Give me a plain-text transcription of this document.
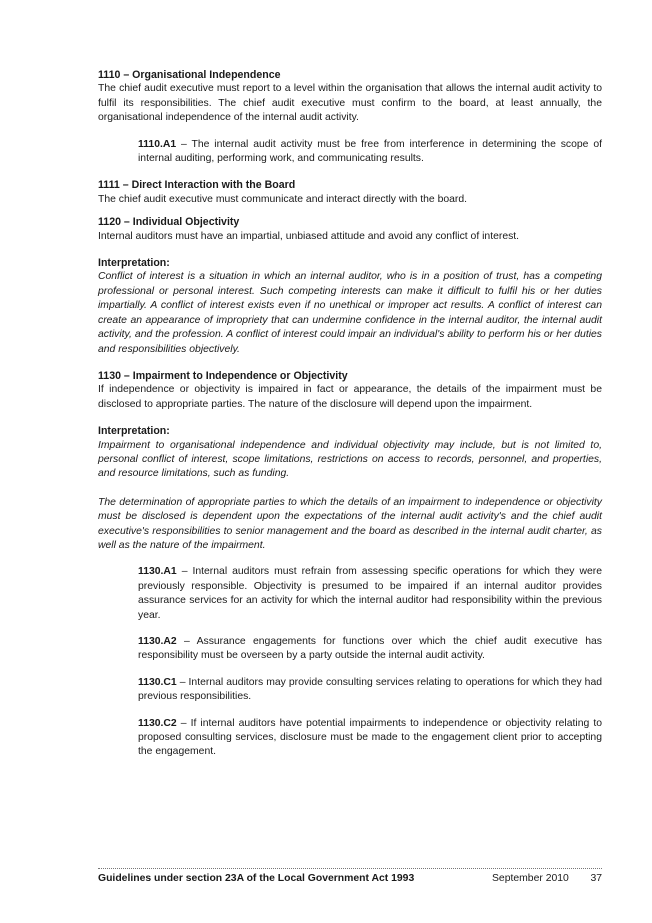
1110 – Organisational Independence

The chief audit executive must report to a level within the organisation that allows the internal audit activity to fulfil its responsibilities. The chief audit executive must confirm to the board, at least annually, the organisational independence of the internal audit activity.

1110.A1 – The internal audit activity must be free from interference in determining the scope of internal auditing, performing work, and communicating results.
1111 – Direct Interaction with the Board

The chief audit executive must communicate and interact directly with the board.

1120 – Individual Objectivity

Internal auditors must have an impartial, unbiased attitude and avoid any conflict of interest.

Interpretation:

Conflict of interest is a situation in which an internal auditor, who is in a position of trust, has a competing professional or personal interest. Such competing interests can make it difficult to fulfil his or her duties impartially. A conflict of interest exists even if no unethical or improper act results. A conflict of interest can create an appearance of impropriety that can undermine confidence in the internal auditor, the internal audit activity, and the profession. A conflict of interest could impair an individual's ability to perform his or her duties and responsibilities objectively.

1130 – Impairment to Independence or Objectivity

If independence or objectivity is impaired in fact or appearance, the details of the impairment must be disclosed to appropriate parties. The nature of the disclosure will depend upon the impairment.

Interpretation:

Impairment to organisational independence and individual objectivity may include, but is not limited to, personal conflict of interest, scope limitations, restrictions on access to records, personnel, and properties, and resource limitations, such as funding.

The determination of appropriate parties to which the details of an impairment to independence or objectivity must be disclosed is dependent upon the expectations of the internal audit activity's and the chief audit executive's responsibilities to senior management and the board as described in the internal audit charter, as well as the nature of the impairment.

1130.A1 – Internal auditors must refrain from assessing specific operations for which they were previously responsible. Objectivity is presumed to be impaired if an internal auditor provides assurance services for an activity for which the internal auditor had responsibility within the previous year.
1130.A2 – Assurance engagements for functions over which the chief audit executive has responsibility must be overseen by a party outside the internal audit activity.
1130.C1 – Internal auditors may provide consulting services relating to operations for which they had previous responsibilities.
1130.C2 – If internal auditors have potential impairments to independence or objectivity relating to proposed consulting services, disclosure must be made to the engagement client prior to accepting the engagement.
Guidelines under section 23A of the Local Government Act 1993	September 2010 37
